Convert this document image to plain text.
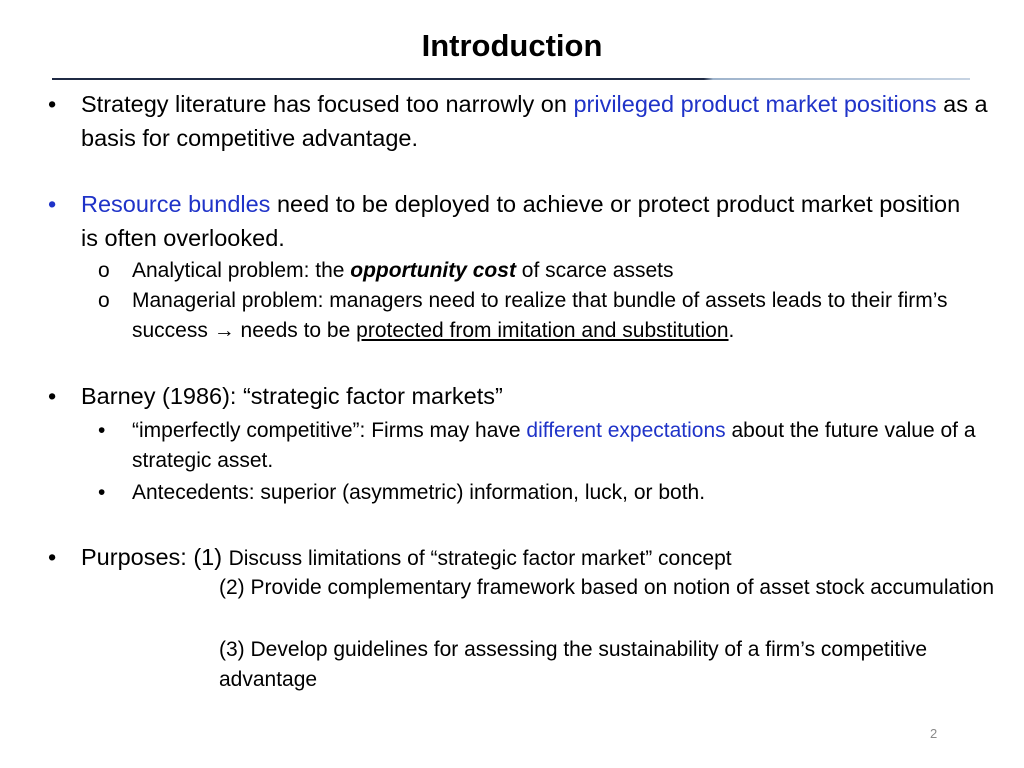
Introduction
• Strategy literature has focused too narrowly on privileged product market positions as a basis for competitive advantage.
• Resource bundles need to be deployed to achieve or protect product market position is often overlooked.
o Analytical problem: the opportunity cost of scarce assets
o Managerial problem: managers need to realize that bundle of assets leads to their firm’s success → needs to be protected from imitation and substitution.
• Barney (1986): “strategic factor markets”
• “imperfectly competitive”: Firms may have different expectations about the future value of a strategic asset.
• Antecedents: superior (asymmetric) information, luck, or both.
• Purposes: (1) Discuss limitations of “strategic factor market” concept
(2) Provide complementary framework based on notion of asset stock accumulation
(3) Develop guidelines for assessing the sustainability of a firm’s competitive advantage
2
